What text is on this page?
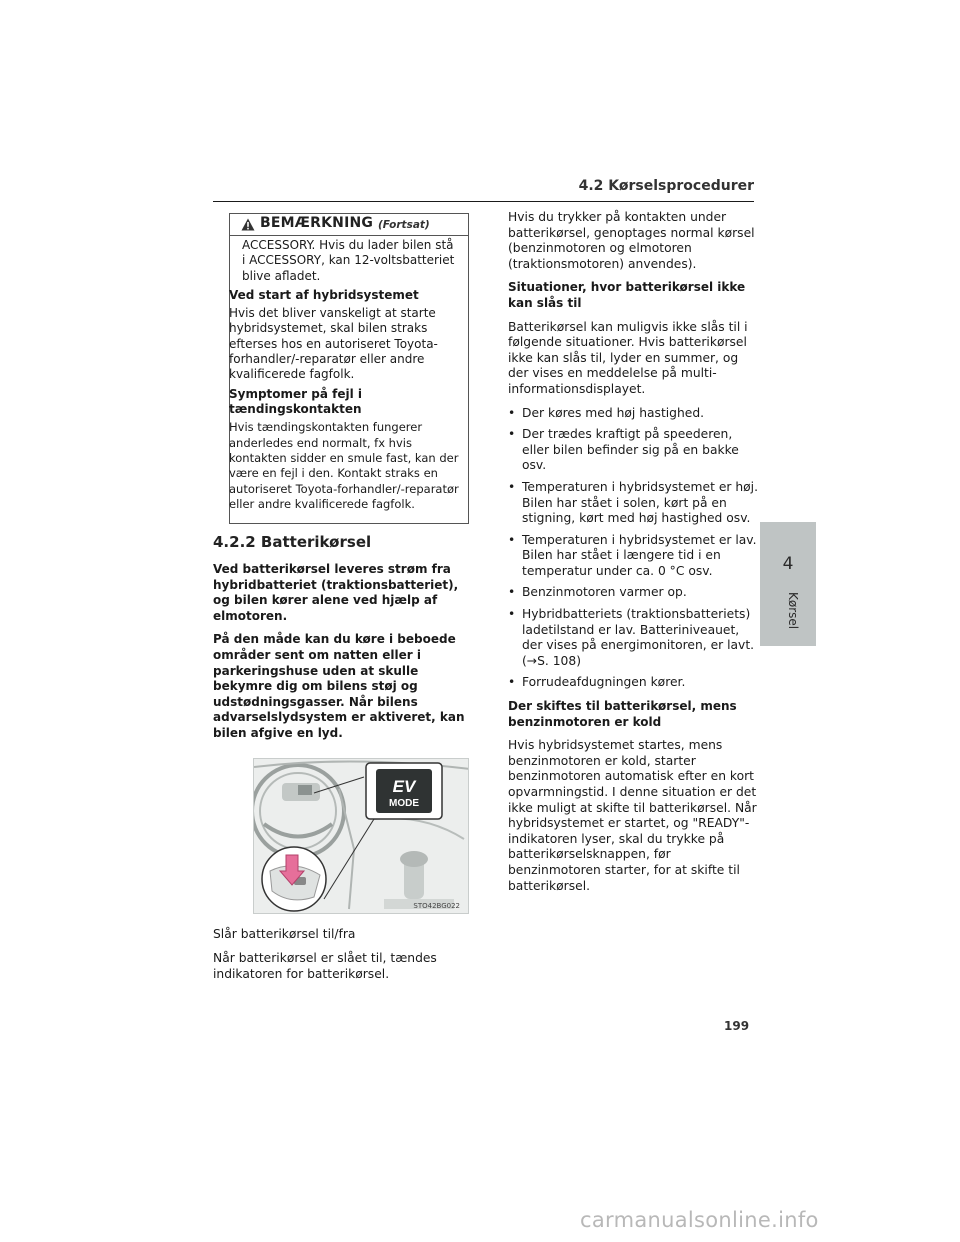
4.2 Kørselsprocedurer
4
Kørsel
BEMÆRKNING (Fortsat)
ACCESSORY. Hvis du lader bilen stå i ACCESSORY, kan 12-voltsbatteriet blive afladet.
Ved start af hybridsystemet
Hvis det bliver vanskeligt at starte hybridsystemet, skal bilen straks efterses hos en autoriseret Toyota-forhandler/-reparatør eller andre kvalificerede fagfolk.
Symptomer på fejl i tændingskontakten
Hvis tændingskontakten fungerer anderledes end normalt, fx hvis kontakten sidder en smule fast, kan der være en fejl i den. Kontakt straks en autoriseret Toyota-forhandler/-reparatør eller andre kvalificerede fagfolk.
4.2.2 Batterikørsel
Ved batterikørsel leveres strøm fra hybridbatteriet (traktionsbatteriet), og bilen kører alene ved hjælp af elmotoren.
På den måde kan du køre i beboede områder sent om natten eller i parkeringshuse uden at skulle bekymre dig om bilens støj og udstødningsgasser. Når bilens advarselslydsystem er aktiveret, kan bilen afgive en lyd.
EV
MODE
STO42BG022
Slår batterikørsel til/fra
Når batterikørsel er slået til, tændes indikatoren for batterikørsel.
Hvis du trykker på kontakten under batterikørsel, genoptages normal kørsel (benzinmotoren og elmotoren (traktionsmotoren) anvendes).
Situationer, hvor batterikørsel ikke kan slås til
Batterikørsel kan muligvis ikke slås til i følgende situationer. Hvis batterikørsel ikke kan slås til, lyder en summer, og der vises en meddelelse på multi-informationsdisplayet.
• Der køres med høj hastighed.
• Der trædes kraftigt på speederen, eller bilen befinder sig på en bakke osv.
• Temperaturen i hybridsystemet er høj. Bilen har stået i solen, kørt på en stigning, kørt med høj hastighed osv.
• Temperaturen i hybridsystemet er lav. Bilen har stået i længere tid i en temperatur under ca. 0 °C osv.
• Benzinmotoren varmer op.
• Hybridbatteriets (traktionsbatteriets) ladetilstand er lav. Batteriniveauet, der vises på energimonitoren, er lavt. (→S. 108)
• Forrudeafdugningen kører.
Der skiftes til batterikørsel, mens benzinmotoren er kold
Hvis hybridsystemet startes, mens benzinmotoren er kold, starter benzinmotoren automatisk efter en kort opvarmningstid. I denne situation er det ikke muligt at skifte til batterikørsel. Når hybridsystemet er startet, og "READY"-indikatoren lyser, skal du trykke på batterikørselsknappen, før benzinmotoren starter, for at skifte til batterikørsel.
199
carmanualsonline.info
